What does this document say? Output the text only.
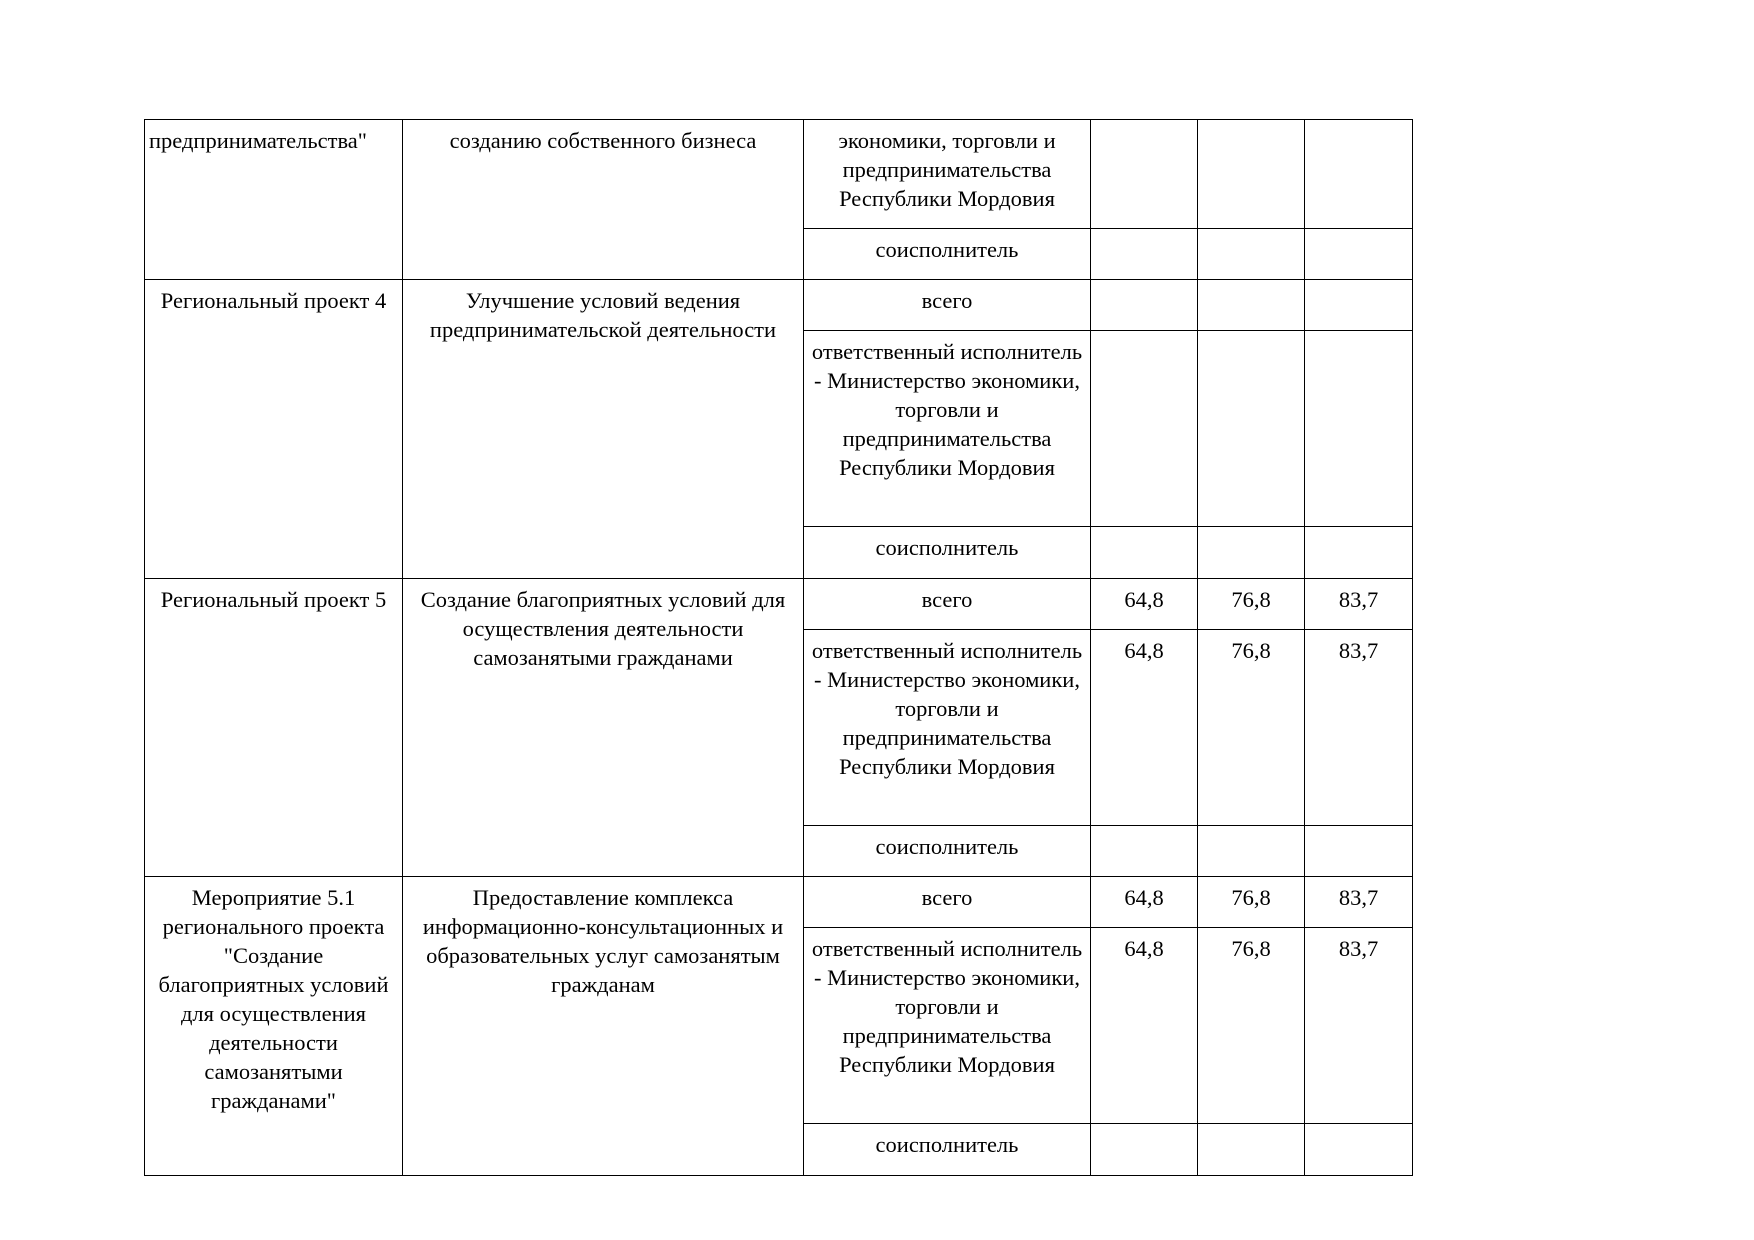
предпринимательства"	созданию собственного бизнеса	экономики, торговли и предпринимательства Республики Мордовия			
		соисполнитель			
Региональный проект 4	Улучшение условий ведения предпринимательской деятельности	всего			
		ответственный исполнитель - Министерство экономики, торговли и предпринимательства Республики Мордовия			
		соисполнитель			
Региональный проект 5	Создание благоприятных условий для осуществления деятельности самозанятыми гражданами	всего	64,8	76,8	83,7
		ответственный исполнитель - Министерство экономики, торговли и предпринимательства Республики Мордовия	64,8	76,8	83,7
		соисполнитель			
Мероприятие 5.1 регионального проекта "Создание благоприятных условий для осуществления деятельности самозанятыми гражданами"	Предоставление комплекса информационно-консультационных и образовательных услуг самозанятым гражданам	всего	64,8	76,8	83,7
		ответственный исполнитель - Министерство экономики, торговли и предпринимательства Республики Мордовия	64,8	76,8	83,7
		соисполнитель			
